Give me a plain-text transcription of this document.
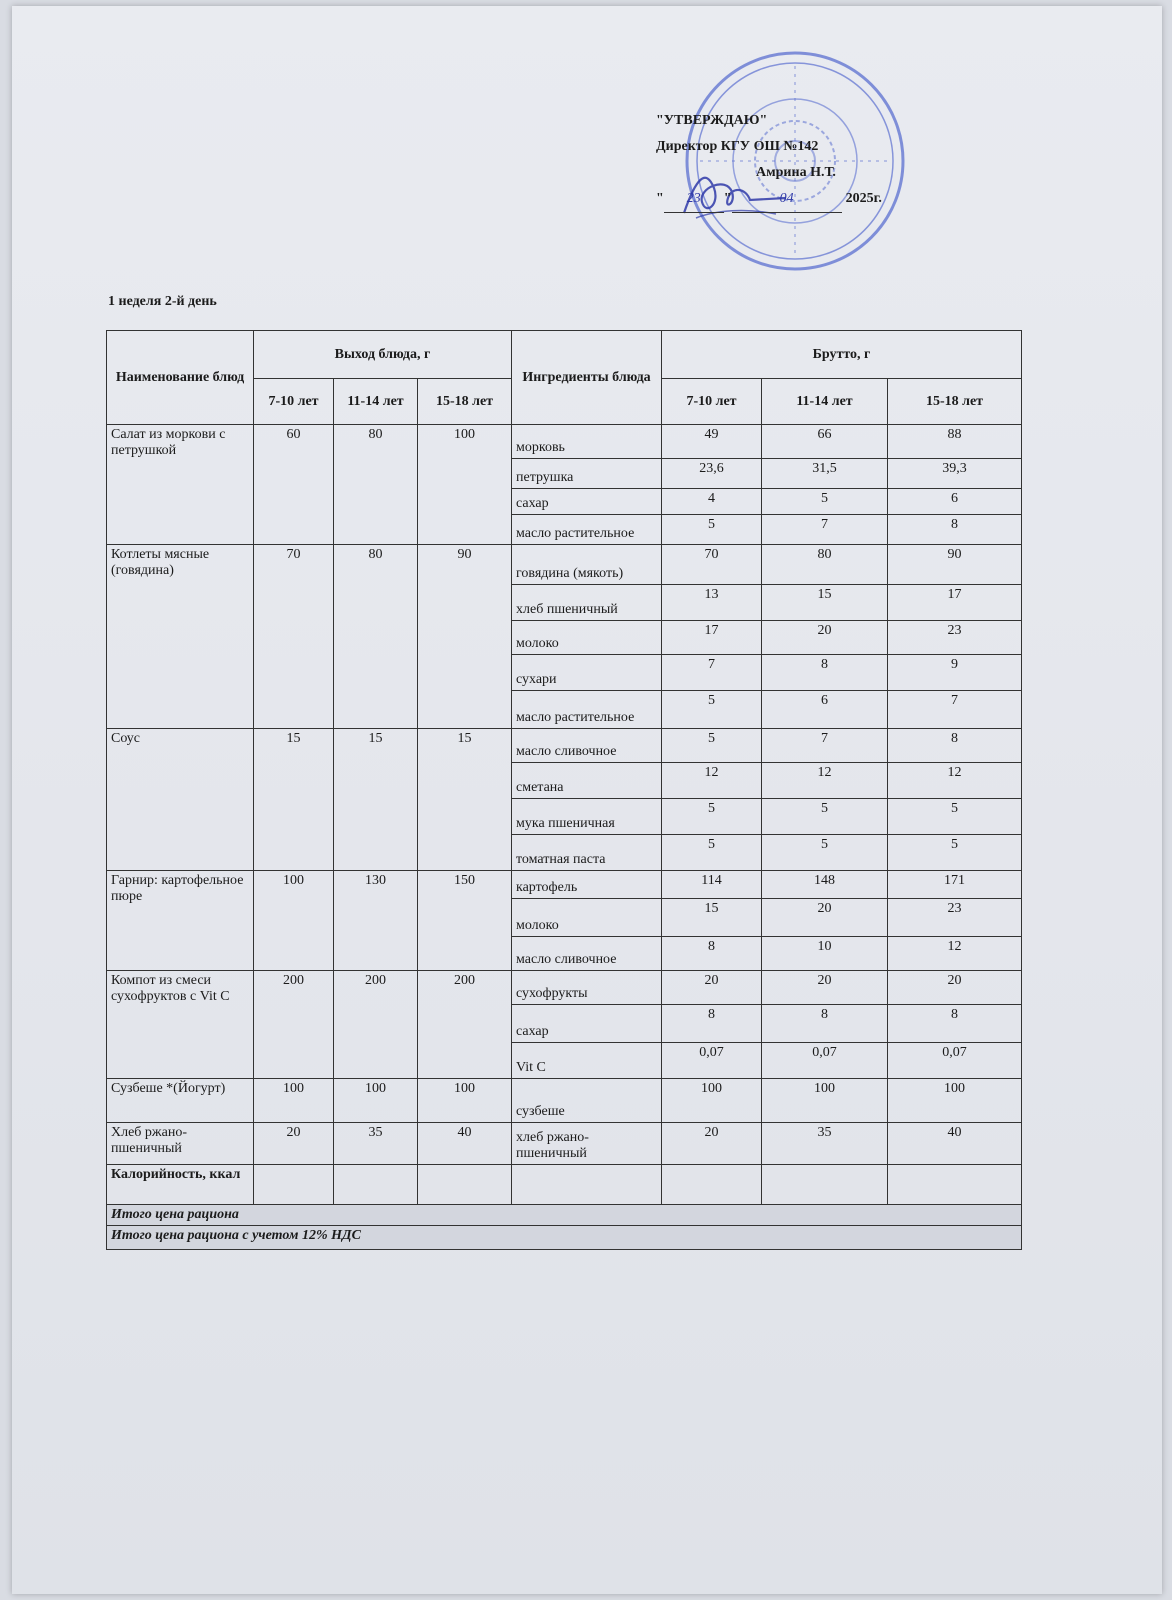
"УТВЕРЖДАЮ"
Директор КГУ ОШ №142
Амрина Н.Т.
" 23 "	04	2025г.
1 неделя 2-й день
Наименование блюд	Выход блюда, г			Ингредиенты блюда	Брутто, г		
	7-10 лет	11-14 лет	15-18 лет		7-10 лет	11-14 лет	15-18 лет
Салат из моркови с петрушкой	60	80	100	морковь	49	66	88
				петрушка	23,6	31,5	39,3
				сахар	4	5	6
				масло растительное	5	7	8
Котлеты мясные (говядина)	70	80	90	говядина (мякоть)	70	80	90
				хлеб пшеничный	13	15	17
				молоко	17	20	23
				сухари	7	8	9
				масло растительное	5	6	7
Соус	15	15	15	масло сливочное	5	7	8
				сметана	12	12	12
				мука пшеничная	5	5	5
				томатная паста	5	5	5
Гарнир: картофельное пюре	100	130	150	картофель	114	148	171
				молоко	15	20	23
				масло сливочное	8	10	12
Компот из смеси сухофруктов с Vit C	200	200	200	сухофрукты	20	20	20
				сахар	8	8	8
				Vit C	0,07	0,07	0,07
Сузбеше *(Йогурт)	100	100	100	сузбеше	100	100	100
Хлеб ржано-пшеничный	20	35	40	хлеб ржано-пшеничный	20	35	40
Калорийность, ккал							
Итого цена рациона							
Итого цена рациона с учетом 12% НДС							
